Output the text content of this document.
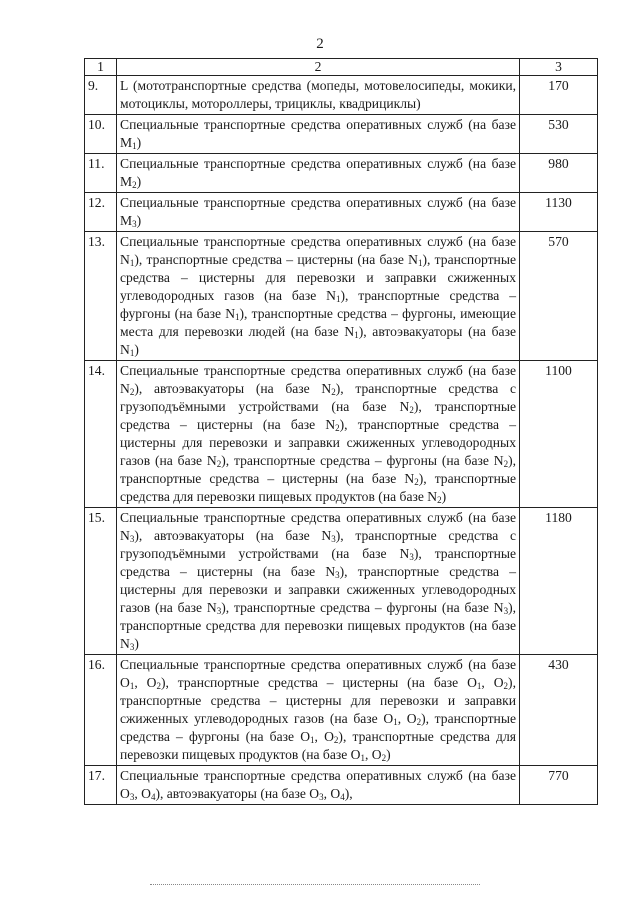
2
1	2	3
9.	L (мототранспортные средства (мопеды, мотовелосипеды, мокики, мотоциклы, мотороллеры, трициклы, квадрициклы)	170
10.	Специальные транспортные средства оперативных служб (на базе $M_1$)	530
11.	Специальные транспортные средства оперативных служб (на базе $M_2$)	980
12.	Специальные транспортные средства оперативных служб (на базе $M_3$)	1130
13.	Специальные транспортные средства оперативных служб (на базе $N_1$), транспортные средства – цистерны (на базе $N_1$), транспортные средства – цистерны для перевозки и заправки сжиженных углеводородных газов (на базе $N_1$), транспортные средства – фургоны (на базе $N_1$), транспортные средства – фургоны, имеющие места для перевозки людей (на базе $N_1$), автоэвакуаторы (на базе $N_1$)	570
14.	Специальные транспортные средства оперативных служб (на базе $N_2$), автоэвакуаторы (на базе $N_2$), транспортные средства с грузоподъёмными устройствами (на базе $N_2$), транспортные средства – цистерны (на базе $N_2$), транспортные средства – цистерны для перевозки и заправки сжиженных углеводородных газов (на базе $N_2$), транспортные средства – фургоны (на базе $N_2$), транспортные средства – цистерны (на базе $N_2$), транспортные средства для перевозки пищевых продуктов (на базе $N_2$)	1100
15.	Специальные транспортные средства оперативных служб (на базе $N_3$), автоэвакуаторы (на базе $N_3$), транспортные средства с грузоподъёмными устройствами (на базе $N_3$), транспортные средства – цистерны (на базе $N_3$), транспортные средства – цистерны для перевозки и заправки сжиженных углеводородных газов (на базе $N_3$), транспортные средства – фургоны (на базе $N_3$), транспортные средства для перевозки пищевых продуктов (на базе $N_3$)	1180
16.	Специальные транспортные средства оперативных служб (на базе $O_1$, $O_2$), транспортные средства – цистерны (на базе $O_1$, $O_2$), транспортные средства – цистерны для перевозки и заправки сжиженных углеводородных газов (на базе $O_1$, $O_2$), транспортные средства – фургоны (на базе $O_1$, $O_2$), транспортные средства для перевозки пищевых продуктов (на базе $O_1$, $O_2$)	430
17.	Специальные транспортные средства оперативных служб (на базе $O_3$, $O_4$), автоэвакуаторы (на базе $O_3$, $O_4$),	770
